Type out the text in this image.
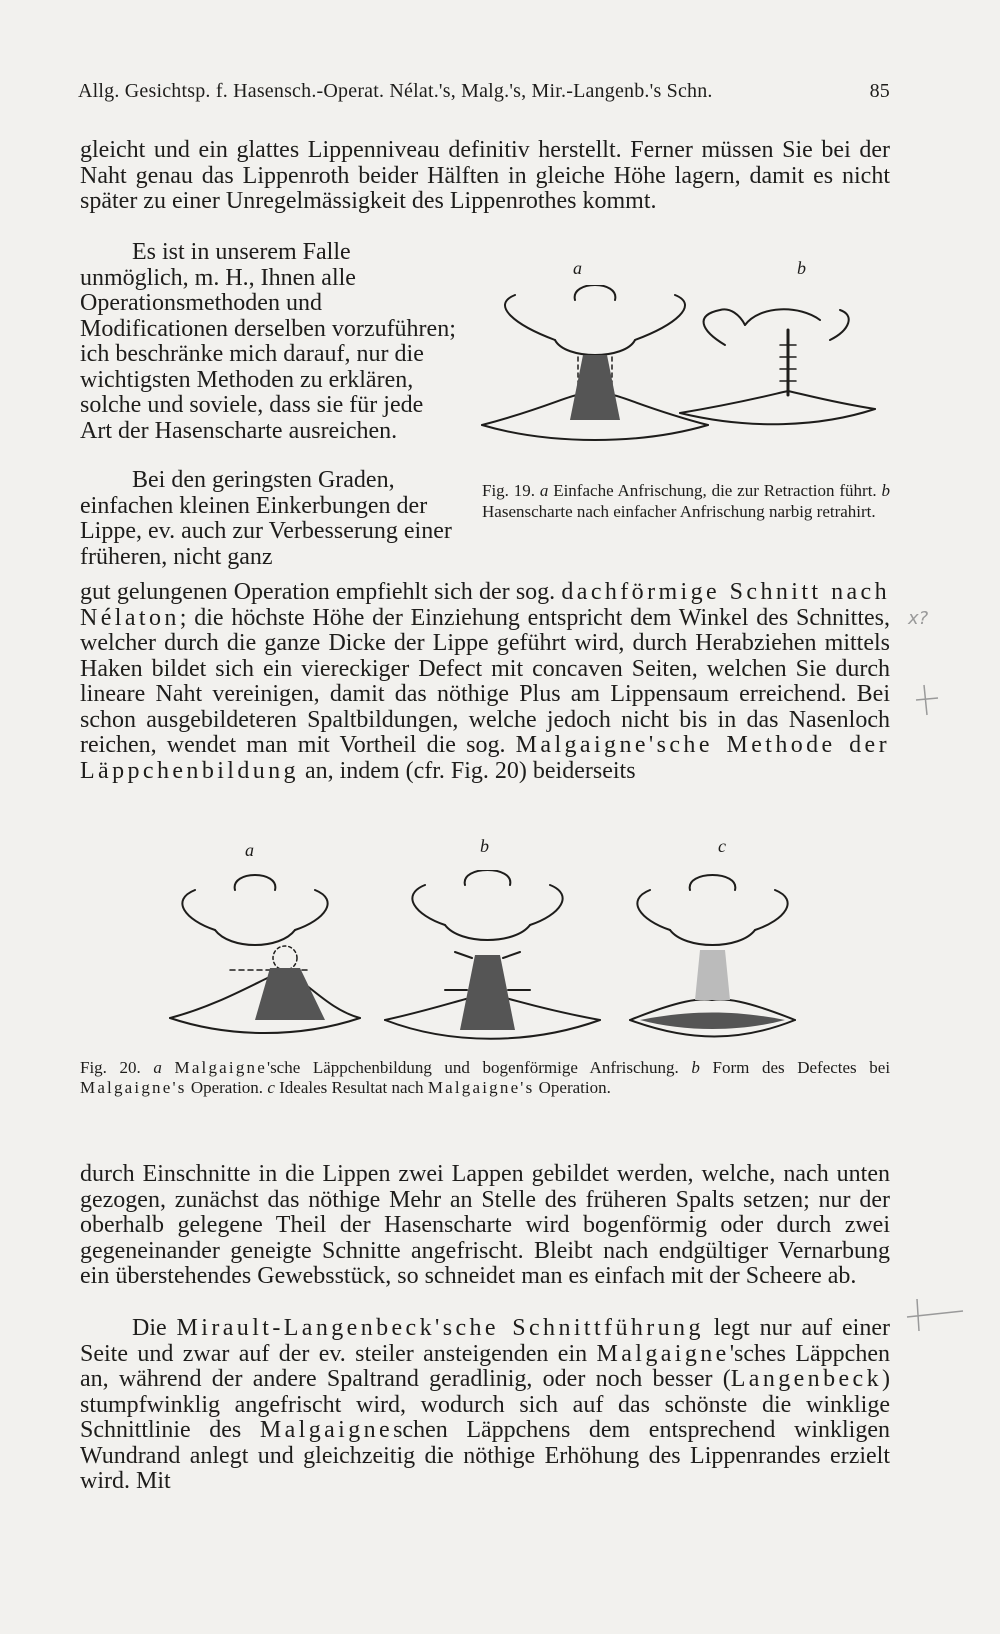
Allg. Gesichtsp. f. Hasensch.-Operat. Nélat.'s, Malg.'s, Mir.-Langenb.'s Schn.	85

gleicht und ein glattes Lippenniveau definitiv herstellt. Ferner müssen Sie bei der Naht genau das Lippenroth beider Hälften in gleiche Höhe lagern, damit es nicht später zu einer Unregelmässigkeit des Lippenrothes kommt.

Es ist in unserem Falle unmöglich, m. H., Ihnen alle Operationsmethoden und Modificationen derselben vorzuführen; ich beschränke mich darauf, nur die wichtigsten Methoden zu erklären, solche und soviele, dass sie für jede Art der Hasenscharte ausreichen.

Bei den geringsten Graden, einfachen kleinen Einkerbungen der Lippe, ev. auch zur Verbesserung einer früheren, nicht ganz

gut gelungenen Operation empfiehlt sich der sog. dachförmige Schnitt nach Nélaton; die höchste Höhe der Einziehung entspricht dem Winkel des Schnittes, welcher durch die ganze Dicke der Lippe geführt wird, durch Herabziehen mittels Haken bildet sich ein viereckiger Defect mit concaven Seiten, welchen Sie durch lineare Naht vereinigen, damit das nöthige Plus am Lippensaum erreichend. Bei schon ausgebildeteren Spaltbildungen, welche jedoch nicht bis in das Nasenloch reichen, wendet man mit Vortheil die sog. Malgaigne'sche Methode der Läppchenbildung an, indem (cfr. Fig. 20) beiderseits

a	b
Fig. 19. a Einfache Anfrischung, die zur Retraction führt. b Hasenscharte nach einfacher Anfrischung narbig retrahirt.
a	b	c
Fig. 20. a Malgaigne'sche Läppchenbildung und bogenförmige Anfrischung. b Form des Defectes bei Malgaigne's Operation. c Ideales Resultat nach Malgaigne's Operation.

durch Einschnitte in die Lippen zwei Lappen gebildet werden, welche, nach unten gezogen, zunächst das nöthige Mehr an Stelle des früheren Spalts setzen; nur der oberhalb gelegene Theil der Hasenscharte wird bogenförmig oder durch zwei gegeneinander geneigte Schnitte angefrischt. Bleibt nach endgültiger Vernarbung ein überstehendes Gewebsstück, so schneidet man es einfach mit der Scheere ab.

Die Mirault-Langenbeck'sche Schnittführung legt nur auf einer Seite und zwar auf der ev. steiler ansteigenden ein Malgaigne'sches Läppchen an, während der andere Spaltrand geradlinig, oder noch besser (Langenbeck) stumpfwinklig angefrischt wird, wodurch sich auf das schönste die winklige Schnittlinie des Malgaigneschen Läppchens dem entsprechend winkligen Wundrand anlegt und gleichzeitig die nöthige Erhöhung des Lippenrandes erzielt wird. Mit

x?
